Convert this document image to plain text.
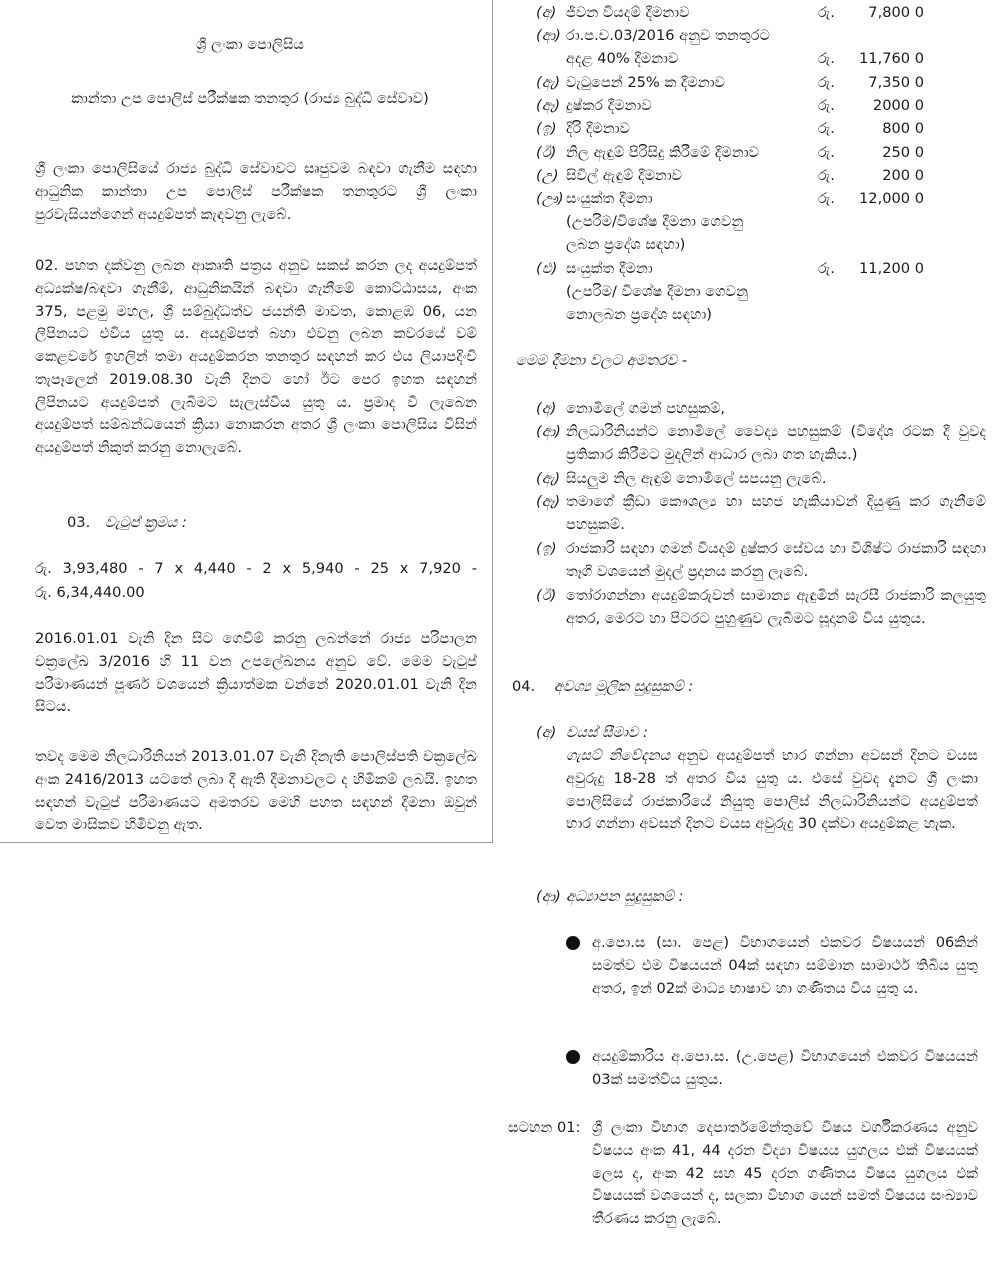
ශ්‍රී ලංකා පොලිසිය
කාන්තා උප පොලිස් පරීක්ෂක තනතුර (රාජ්‍ය බුද්ධි සේවාව)
ශ්‍රී ලංකා පොලිසියේ රාජ්‍ය බුද්ධි සේවාවට සෘජුවම බඳවා ගැනීම සඳහා ආධුනික කාන්තා උප පොලිස් පරීක්ෂක තනතුරට ශ්‍රී ලංකා පුරවැසියන්ගෙන් අයදුම්පත් කැඳවනු ලැබේ.
02. පහත දක්වනු ලබන ආකෘති පත්‍රය අනුව සකස් කරන ලද අයදුම්පත් අධ්‍යක්ෂ/බඳවා ගැනීම්, ආධුනිකයින් බඳවා ගැනීමේ කොට්ඨාසය, අංක 375, පළමු මහල, ශ්‍රී සම්බුද්ධත්ව ජයන්ති මාවත, කොළඹ 06, යන ලිපිනයට එවිය යුතු ය. අයදුම්පත් බහා එවනු ලබන කවරයේ වම් කෙළවරේ ඉහලින් තමා අයදුම්කරන තනතුර සඳහන් කර එය ලියාපදිංචි තැපෑලෙන් 2019.08.30 වැනි දිනට හෝ ඊට පෙර ඉහත සඳහන් ලිපිනයට අයදුම්පත් ලැබීමට සැලැස්විය යුතු ය. ප්‍රමාද වී ලැබෙන අයදුම්පත් සම්බන්ධයෙන් ක්‍රියා නොකරන අතර ශ්‍රී ලංකා පොලිසිය විසින් අයදුම්පත් නිකුත් කරනු නොලැබේ.
03. වැටුප් ක්‍රමය :
රු. 3,93,480 - 7 x 4,440 - 2 x 5,940 - 25 x 7,920 -
රු. 6,34,440.00
2016.01.01 වැනි දින සිට ගෙවීම් කරනු ලබන්නේ රාජ්‍ය පරිපාලන චක්‍රලේඛ 3/2016 හි 11 වන උපලේඛනය අනුව වේ. මෙම වැටුප් පරිමාණයන් පූර්ණ වශයෙන් ක්‍රියාත්මක වන්නේ 2020.01.01 වැනි දින සිටය.
තවද මෙම නිලධාරිනියන් 2013.01.07 වැනි දිනැති පොලිස්පති චක්‍රලේඛ අංක 2416/2013 යටතේ ලබා දී ඇති දීමනාවලට ද හිමිකම් ලබයි. ඉහත සඳහන් වැටුප් පරිමාණයට අමතරව මෙහි පහත සඳහන් දීමනා ඔවුන් වෙත මාසිකව හිමිවනු ඇත.
(අ) ජීවන වියදම් දීමනාව	රු. 7,800 0
(ආ) රා.ප.ච.03/2016 අනුව තනතුරට
අදළ 40% දීමනාව	රු. 11,760 0
(ඇ) වැටුපෙන් 25% ක දීමනාව	රු. 7,350 0
(ඈ) දුෂ්කර දීමනාව	රු.	2000 0
(ඉ) දිරි දීමනාව	රු.	800 0
(ඊ) නිල ඇඳුම් පිරිසිදු කිරීමේ දීමනාව	රු.	250 0
(උ) සිවිල් ඇඳුම් දීමනාව	රු.	200 0
(ඌ) සංයුක්ත දීමනා	රු. 12,000 0
(උපරිම/විශේෂ දීමනා ගෙවනු
ලබන ප්‍රදේශ සඳහා)
(එ) සංයුක්ත දීමනා	රු. 11,200 0
(උපරිම/ විශේෂ දීමනා ගෙවනු
නොලබන ප්‍රදේශ සඳහා)
මෙම දීමනා වලට අමතරව -
(අ) නොමිලේ ගමන් පහසුකම්,
(ආ) නිලධාරිනියන්ට නොමිලේ වෛද්‍ය පහසුකම් (විදේශ රටක දී වුවද ප්‍රතිකාර කිරීමට මුදලින් ආධාර ලබා ගත හැකිය.)
(ඇ) සියලුම නිල ඇඳුම් නොමිලේ සපයනු ලැබේ.
(ඈ) තමාගේ ක්‍රීඩා කෞශල්‍ය හා සහජ හැකියාවන් දියුණු කර ගැනීමේ පහසුකම්.
(ඉ) රාජකාරි සඳහා ගමන් වියදම් දුෂ්කර සේවය හා විශිෂ්ට රාජකාරි සඳහා තෑගි වශයෙන් මුදල් ප්‍රදානය කරනු ලැබේ.
(ඊ) තෝරාගන්නා අයදුම්කරුවන් සාමාන්‍ය ඇඳුමින් සැරසී රාජකාරි කලයුතු අතර, මෙරට හා පිටරට පුහුණුව ලැබීමට සූදානම් විය යුතුය.
04. අවශ්‍ය මූලික සුදුසුකම් :
(අ) වයස් සීමාව :
ගැසට් නිවේදනය අනුව අයදුම්පත් භාර ගන්නා අවසන් දිනට වයස අවුරුදු 18-28 ත් අතර විය යුතු ය. එසේ වුවද දැනට ශ්‍රී ලංකා පොලිසියේ රාජකාරියේ නියුතු පොලිස් නිලධාරිනියන්ට අයදුම්පත් භාර ගන්නා අවසන් දිනට වයස අවුරුදු 30 දක්වා අයදුම්කළ හැක.
(ආ) අධ්‍යාපන සුදුසුකම් :
අ.පො.ස (සා. පෙළ) විභාගයෙන් එකවර විෂයයන් 06කින් සමත්ව එම විෂයයන් 04ක් සඳහා සම්මාන සාමාර්ථ තිබිය යුතු අතර, ඉන් 02ක් මාධ්‍ය භාෂාව හා ගණිතය විය යුතු ය.
අයදුම්කාරිය අ.පො.ස. (උ.පෙළ) විභාගයෙන් එකවර විෂයයන් 03ක් සමත්විය යුතුය.
සටහන 01: ශ්‍රී ලංකා විභාග දෙපාර්තමේන්තුවේ විෂය වර්ගීකරණය අනුව විෂයය අංක 41, 44 දරන විද්‍යා විෂයය යුගලය එක් විෂයයක් ලෙස ද, අංක 42 සහ 45 දරන ගණිතය විෂය යුගලය එක් විෂයයක් වශයෙන් ද, සලකා විභාග යෙන් සමත් විෂයය සංඛ්‍යාව තීරණය කරනු ලැබේ.
